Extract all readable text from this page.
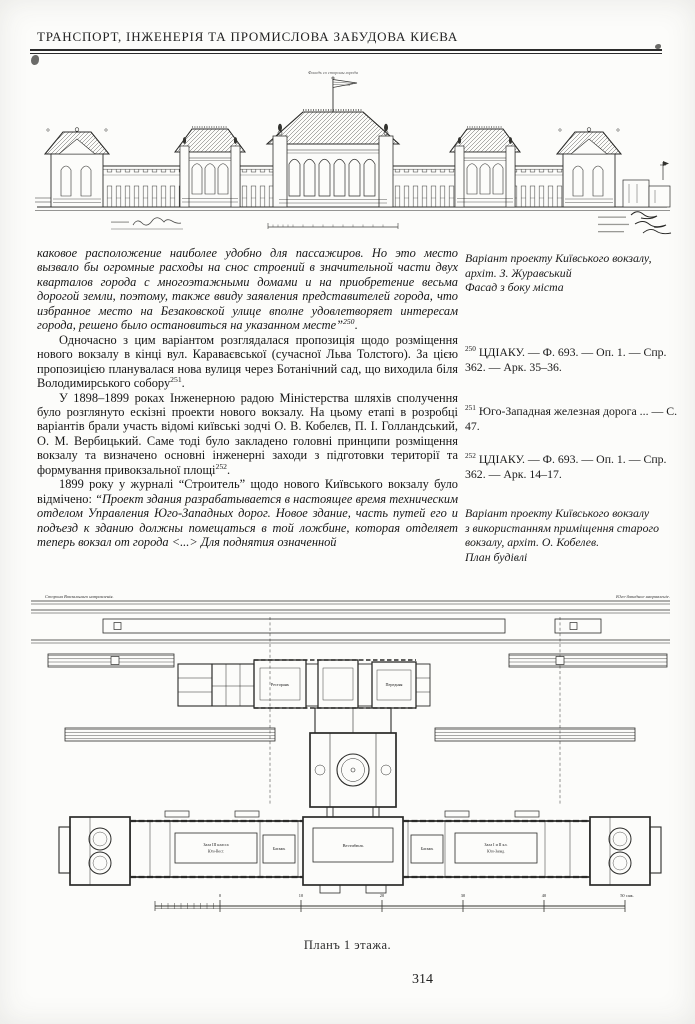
ТРАНСПОРТ, ІНЖЕНЕРІЯ ТА ПРОМИСЛОВА ЗАБУДОВА КИЄВА
Фасадъ со стороны города

каковое расположение наиболее удобно для пассажиров. Но это место вызвало бы огромные расходы на снос строений в значительной части двух кварталов города с многоэтажными домами и на приобретение весьма дорогой земли, поэтому, также ввиду заявления представителей города, что избранное место на Безаковской улице вполне удовлетворяет интересам города, решено было остановиться на указанном месте”$^{250}$.

Одночасно з цим варіантом розглядалася пропозиція щодо розміщення нового вокзалу в кінці вул. Караваєвської (сучасної Льва Толстого). За цією пропозицією планувалася нова вулиця через Ботанічний сад, що виходила біля Володимирського собору$^{251}$.

У 1898–1899 роках Інженерною радою Міністерства шляхів сполучення було розглянуто ескізні проекти нового вокзалу. На цьому етапі в розробці варіантів брали участь відомі київські зодчі О. В. Кобелєв, П. І. Голландський, О. М. Вербицький. Саме тоді було закладено головні принципи розміщення вокзалу та визначено основні інженерні заходи з підготовки території та формування привокзальної площі$^{252}$.

1899 року у журналі “Строитель” щодо нового Київського вокзалу було відмічено: “Проект здания разрабатывается в настоящее время техническим отделом Управления Юго-Западных дорог. Новое здание, часть путей его и подъезд к зданию должны помещаться в той ложбине, которая отделяет теперь вокзал от города <...> Для поднятия означенной

Варіант проекту Київського вокзалу,
архіт. З. Журавський
Фасад з боку міста
$^{250}$ ЦДІАКУ. — Ф. 693. — Оп. 1. — Спр. 362. — Арк. 35–36.
$^{251}$ Юго-Западная железная дорога ... — С. 47.
$^{252}$ ЦДІАКУ. — Ф. 693. — Оп. 1. — Спр. 362. — Арк. 14–17.
Варіант проекту Київського вокзалу
з використанням приміщення старого
вокзалу, архіт. О. Кобелев.
План будівлі
Сторона Вокзальнаго направленія.	Юго-Западное направленіе.
Ресторанъ	Передняя
Зала III класса
Юго-Вост.
Багажъ
Вестибюль
Багажъ
Зала I и II кл.
Юго-Запад.
0	10	20	30	40	50 саж.
Планъ 1 этажа.
314
